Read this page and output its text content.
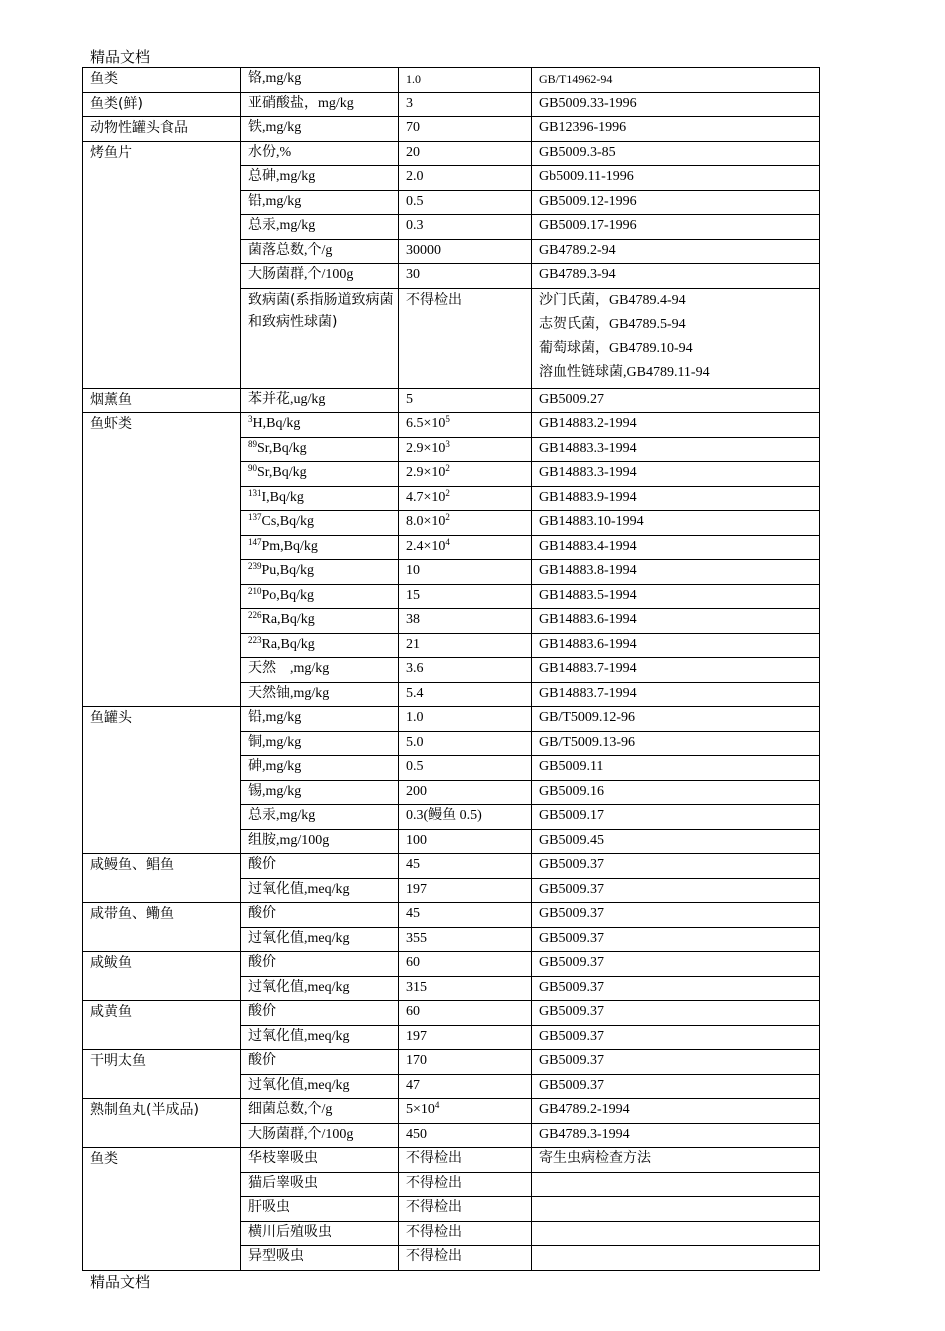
精品文档
鱼类	铬,mg/kg	1.0	GB/T14962-94
鱼类(鲜)	亚硝酸盐，mg/kg	3	GB5009.33-1996
动物性罐头食品	铁,mg/kg	70	GB12396-1996
烤鱼片	水份,%	20	GB5009.3-85
	总砷,mg/kg	2.0	Gb5009.11-1996
	铅,mg/kg	0.5	GB5009.12-1996
	总汞,mg/kg	0.3	GB5009.17-1996
	菌落总数,个/g	30000	GB4789.2-94
	大肠菌群,个/100g	30	GB4789.3-94
	致病菌(系指肠道致病菌和致病性球菌)	不得检出	沙门氏菌，GB4789.4-94
志贺氏菌，GB4789.5-94
葡萄球菌，GB4789.10-94
溶血性链球菌,GB4789.11-94

烟薰鱼	苯并花,ug/kg	5	GB5009.27
鱼虾类	$^3$H,Bq/kg	$6.5\times 10^5$	GB14883.2-1994
	$^{89}$Sr,Bq/kg	$2.9\times 10^3$	GB14883.3-1994
	$^{90}$Sr,Bq/kg	$2.9\times 10^2$	GB14883.3-1994
	$^{131}$I,Bq/kg	$4.7\times 10^2$	GB14883.9-1994
	$^{137}$Cs,Bq/kg	$8.0\times 10^2$	GB14883.10-1994
	$^{147}$Pm,Bq/kg	$2.4\times 10^4$	GB14883.4-1994
	$^{239}$Pu,Bq/kg	10	GB14883.8-1994
	$^{210}$Po,Bq/kg	15	GB14883.5-1994
	$^{226}$Ra,Bq/kg	38	GB14883.6-1994
	$^{223}$Ra,Bq/kg	21	GB14883.6-1994
	天然　,mg/kg	3.6	GB14883.7-1994
	天然铀,mg/kg	5.4	GB14883.7-1994
鱼罐头	铅,mg/kg	1.0	GB/T5009.12-96
	铜,mg/kg	5.0	GB/T5009.13-96
	砷,mg/kg	0.5	GB5009.11
	锡,mg/kg	200	GB5009.16
	总汞,mg/kg	0.3(鳗鱼 0.5)	GB5009.17
	组胺,mg/100g	100	GB5009.45
咸鳗鱼、鲳鱼	酸价	45	GB5009.37
	过氧化值,meq/kg	197	GB5009.37
咸带鱼、鳓鱼	酸价	45	GB5009.37
	过氧化值,meq/kg	355	GB5009.37
咸鲅鱼	酸价	60	GB5009.37
	过氧化值,meq/kg	315	GB5009.37
咸黄鱼	酸价	60	GB5009.37
	过氧化值,meq/kg	197	GB5009.37
干明太鱼	酸价	170	GB5009.37
	过氧化值,meq/kg	47	GB5009.37
熟制鱼丸(半成品)	细菌总数,个/g	$5\times 10^4$	GB4789.2-1994
	大肠菌群,个/100g	450	GB4789.3-1994
鱼类	华枝睾吸虫	不得检出	寄生虫病检查方法
	猫后睾吸虫	不得检出	
	肝吸虫	不得检出	
	横川后殖吸虫	不得检出	
	异型吸虫	不得检出	
精品文档
